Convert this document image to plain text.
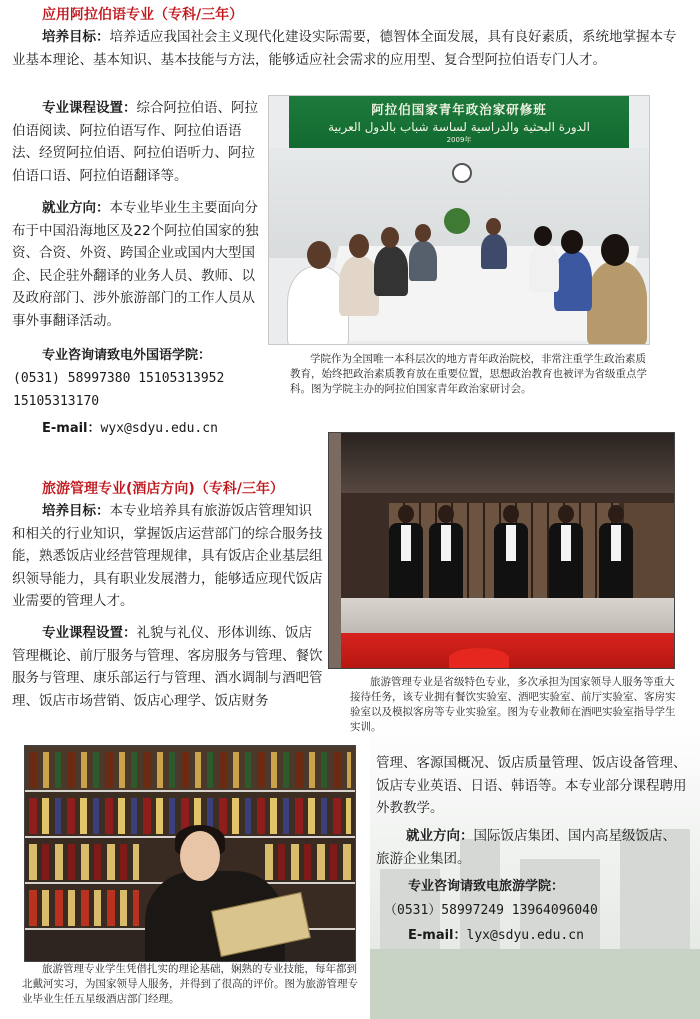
应用阿拉伯语专业（专科/三年）

培养目标：培养适应我国社会主义现代化建设实际需要，德智体全面发展，具有良好素质，系统地掌握本专业基本理论、基本知识、基本技能与方法，能够适应社会需求的应用型、复合型阿拉伯语专门人才。

专业课程设置：综合阿拉伯语、阿拉伯语阅读、阿拉伯语写作、阿拉伯语语法、经贸阿拉伯语、阿拉伯语听力、阿拉伯语口语、阿拉伯语翻译等。

就业方向：本专业毕业生主要面向分布于中国沿海地区及22个阿拉伯国家的独资、合资、外资、跨国企业或国内大型国企、民企驻外翻译的业务人员、教师、以及政府部门、涉外旅游部门的工作人员从事外事翻译活动。

专业咨询请致电外国语学院：
(0531) 58997380 15105313952
15105313170
E-mail：wyx@sdyu.edu.cn
阿拉伯国家青年政治家研修班
الدورة البحثية والدراسية لساسة شباب بالدول العربية
2009年
学院作为全国唯一本科层次的地方青年政治院校，非常注重学生政治素质教育，始终把政治素质教育放在重要位置，思想政治教育也被评为省级重点学科。图为学院主办的阿拉伯国家青年政治家研讨会。
旅游管理专业(酒店方向)（专科/三年）

培养目标：本专业培养具有旅游饭店管理知识和相关的行业知识，掌握饭店运营部门的综合服务技能，熟悉饭店业经营管理规律，具有饭店企业基层组织领导能力，具有职业发展潜力，能够适应现代饭店业需要的管理人才。

专业课程设置：礼貌与礼仪、形体训练、饭店管理概论、前厅服务与管理、客房服务与管理、餐饮服务与管理、康乐部运行与管理、酒水调制与酒吧管理、饭店市场营销、饭店心理学、饭店财务

旅游管理专业是省级特色专业，多次承担为国家领导人服务等重大接待任务，该专业拥有餐饮实验室、酒吧实验室、前厅实验室、客房实验室以及模拟客房等专业实验室。图为专业教师在酒吧实验室指导学生实训。
旅游管理专业学生凭借扎实的理论基础，娴熟的专业技能，每年都到北戴河实习，为国家领导人服务，并得到了很高的评价。图为旅游管理专业毕业生任五星级酒店部门经理。

管理、客源国概况、饭店质量管理、饭店设备管理、饭店专业英语、日语、韩语等。本专业部分课程聘用外教教学。

就业方向：国际饭店集团、国内高星级饭店、旅游企业集团。

专业咨询请致电旅游学院：
（0531）58997249 13964096040
E-mail：lyx@sdyu.edu.cn
